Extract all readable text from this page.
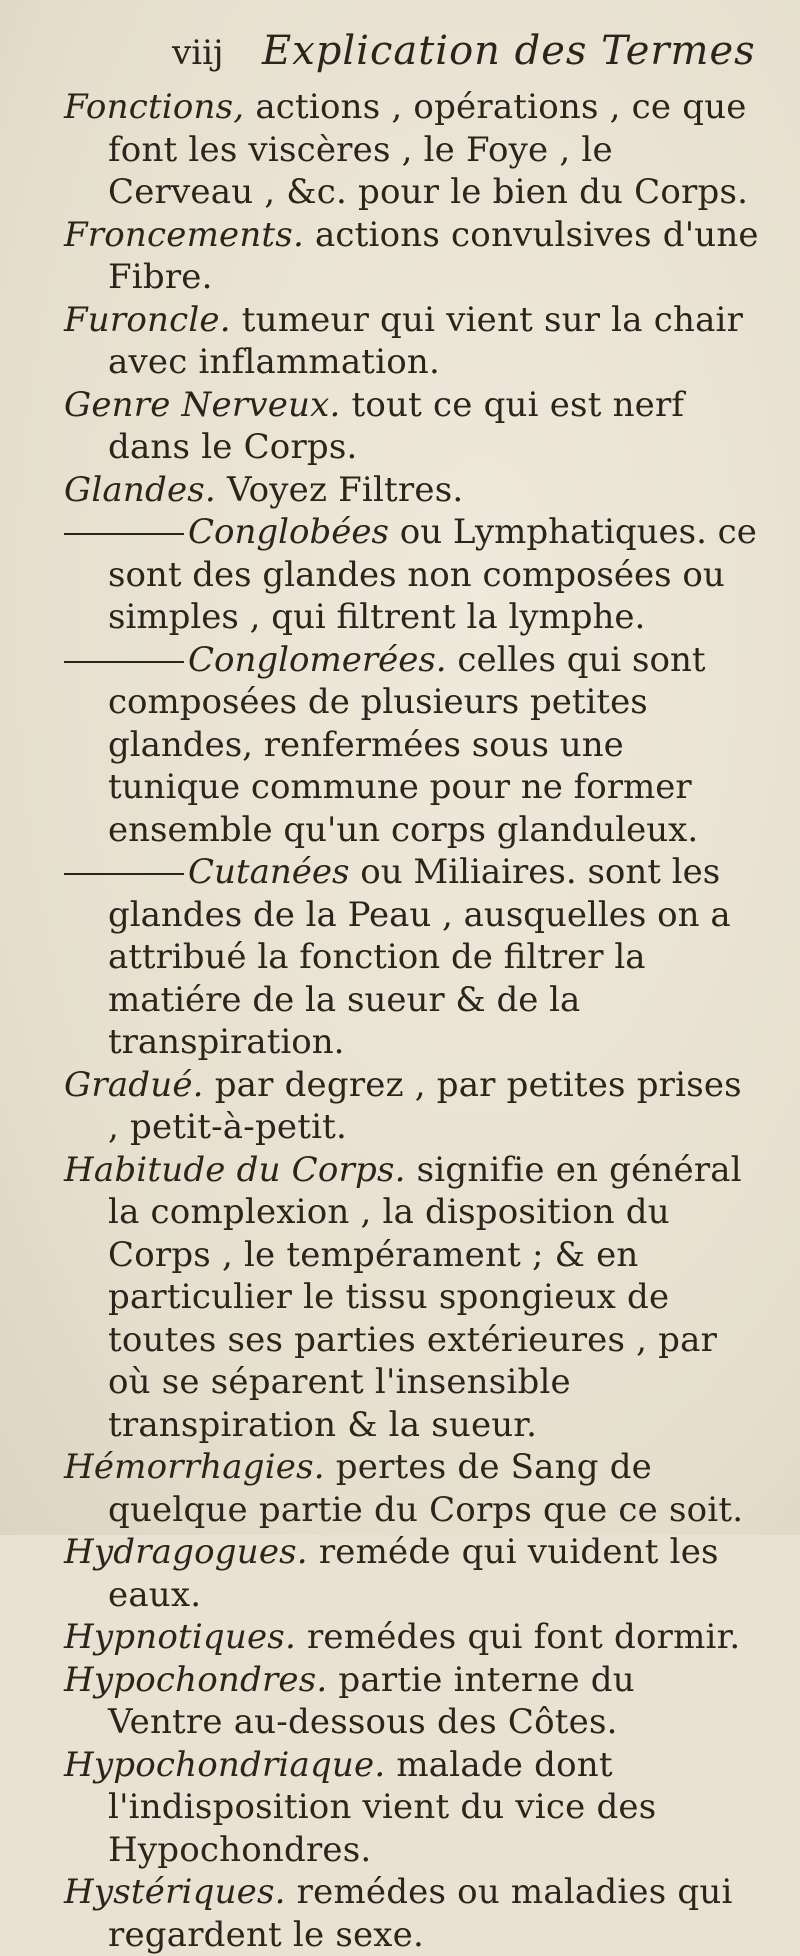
viij Explication des Termes
Fonctions, actions , opérations , ce que font les viscères , le Foye , le Cerveau , &c. pour le bien du Corps.
Froncements. actions convulsives d'une Fibre.
Furoncle. tumeur qui vient sur la chair avec inflammation.
Genre Nerveux. tout ce qui est nerf dans le Corps.
Glandes. Voyez Filtres.
Conglobées ou Lymphatiques. ce sont des glandes non composées ou simples , qui filtrent la lymphe.
Conglomerées. celles qui sont composées de plusieurs petites glandes, renfermées sous une tunique commune pour ne former ensemble qu'un corps glanduleux.
Cutanées ou Miliaires. sont les glandes de la Peau , ausquelles on a attribué la fonction de filtrer la matiére de la sueur & de la transpiration.
Gradué. par degrez , par petites prises , petit-à-petit.
Habitude du Corps. signifie en général la complexion , la disposition du Corps , le tempérament ; & en particulier le tissu spongieux de toutes ses parties extérieures , par où se séparent l'insensible transpiration & la sueur.
Hémorrhagies. pertes de Sang de quelque partie du Corps que ce soit.
Hydragogues. reméde qui vuident les eaux.
Hypnotiques. remédes qui font dormir.
Hypochondres. partie interne du Ventre au-dessous des Côtes.
Hypochondriaque. malade dont l'indisposition vient du vice des Hypochondres.
Hystériques. remédes ou maladies qui regardent le sexe.
